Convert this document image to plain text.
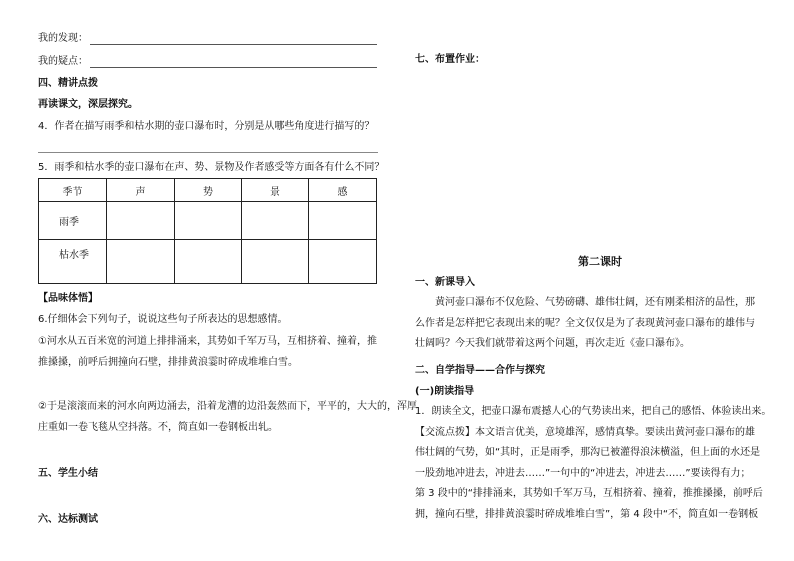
我的发现：
我的疑点：
四、精讲点拨
再读课文，深层探究。
4．作者在描写雨季和枯水期的壶口瀑布时，分别是从哪些角度进行描写的？
5．雨季和枯水季的壶口瀑布在声、势、景物及作者感受等方面各有什么不同？
季节	声	势	景	感
雨季				
枯水季				
【品味体悟】
6.仔细体会下列句子，说说这些句子所表达的思想感情。
①河水从五百米宽的河道上排排涌来，其势如千军万马，互相挤着、撞着，推
推搡搡，前呼后拥撞向石壁，排排黄浪霎时碎成堆堆白雪。
②于是滚滚而来的河水向两边涌去，沿着龙漕的边沿轰然而下，平平的，大大的，浑厚
庄重如一卷飞毯从空抖落。不，简直如一卷钢板出轧。
五、学生小结
六、达标测试
七、布置作业：
第二课时
一、新课导入
黄河壶口瀑布不仅危险、气势磅礴、雄伟壮阔，还有刚柔相济的品性，那
么作者是怎样把它表现出来的呢？全文仅仅是为了表现黄河壶口瀑布的雄伟与
壮阔吗？今天我们就带着这两个问题，再次走近《壶口瀑布》。
二、自学指导——合作与探究
(一)朗读指导
1．朗读全文，把壶口瀑布震撼人心的气势读出来，把自己的感悟、体验读出来。
【交流点拨】本文语言优美，意境雄浑，感情真挚。要读出黄河壶口瀑布的雄
伟壮阔的气势，如“其时，正是雨季，那沟已被灌得浪沫横溢，但上面的水还是
一股劲地冲进去，冲进去……”一句中的“冲进去，冲进去……”要读得有力；
第 3 段中的“排排涌来，其势如千军万马，互相挤着、撞着，推推搡搡，前呼后
拥，撞向石壁，排排黄浪霎时碎成堆堆白雪”，第 4 段中“不，简直如一卷钢板
